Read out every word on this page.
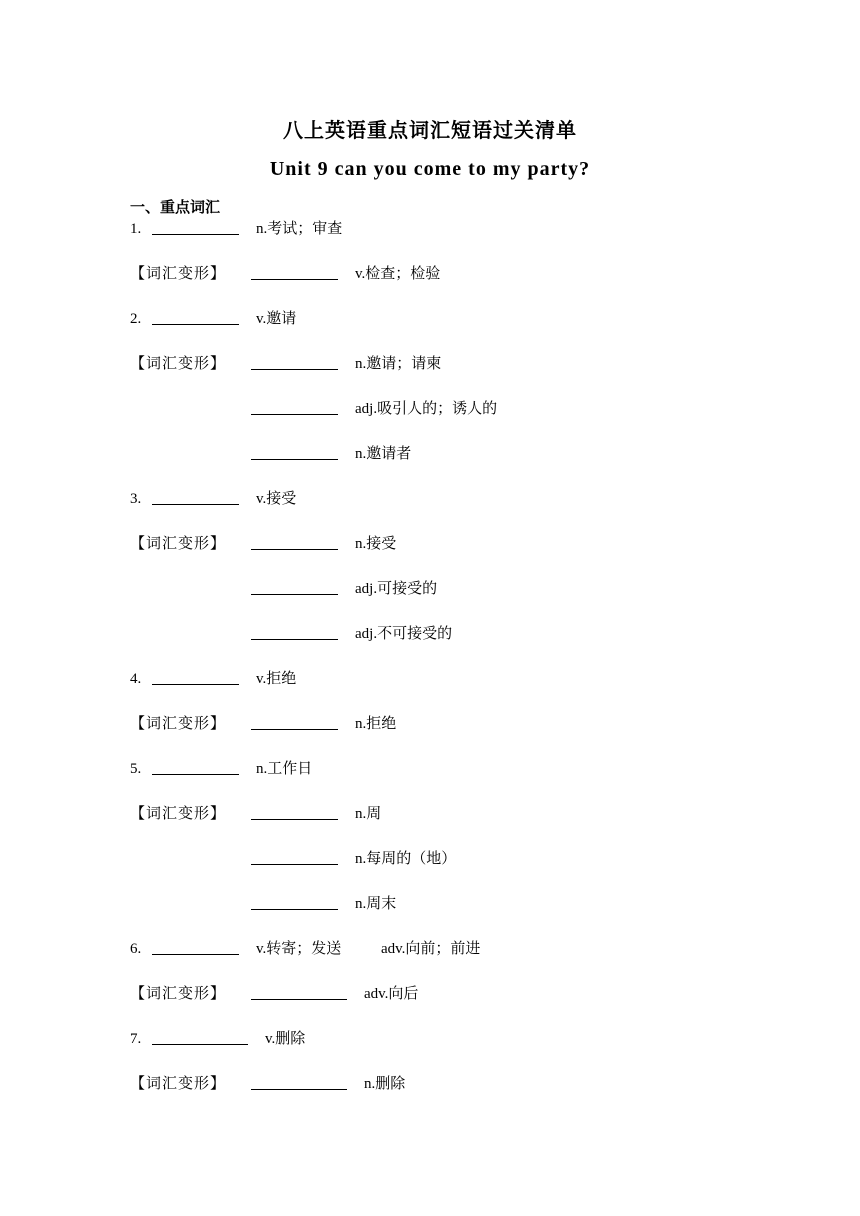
八上英语重点词汇短语过关清单
Unit 9 can you come to my party?
一、重点词汇
1.	n.考试；审查
【词汇变形】	v.检查；检验
2.	v.邀请
【词汇变形】	n.邀请；请柬
adj.吸引人的；诱人的
n.邀请者
3.	v.接受
【词汇变形】	n.接受
adj.可接受的
adj.不可接受的
4.	v.拒绝
【词汇变形】	n.拒绝
5.	n.工作日
【词汇变形】	n.周
n.每周的（地）
n.周末
6.	v.转寄；发送	adv.向前；前进
【词汇变形】	adv.向后
7.	v.删除
【词汇变形】	n.删除
